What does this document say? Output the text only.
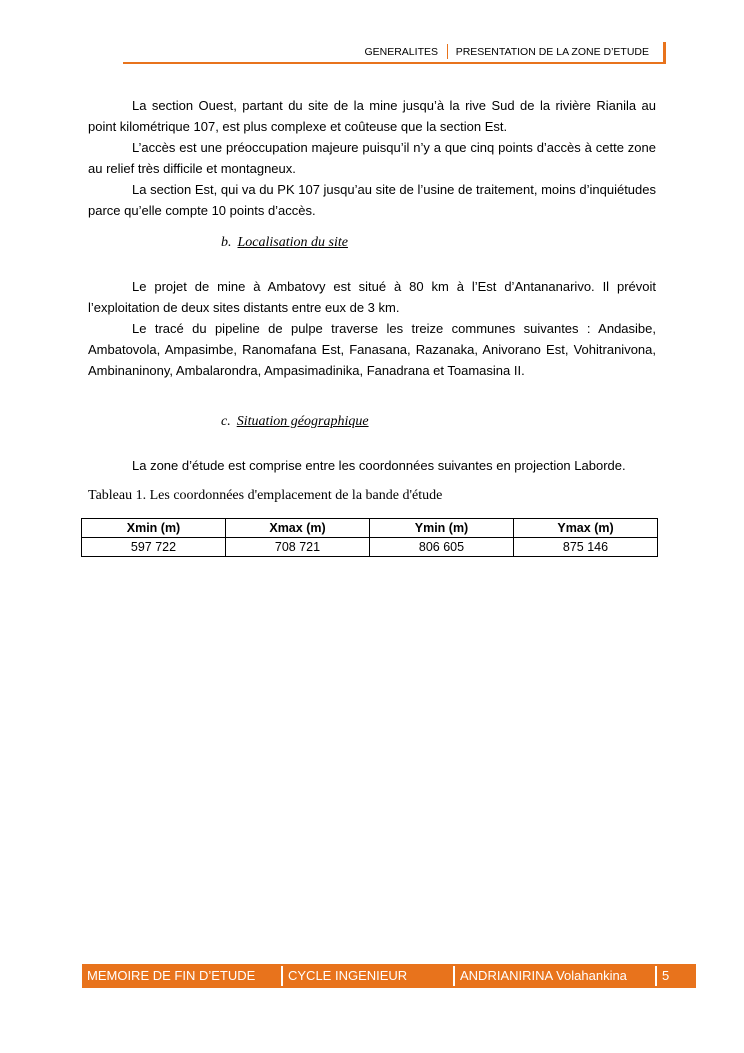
GENERALITES PRESENTATION DE LA ZONE D’ETUDE

La section Ouest, partant du site de la mine jusqu’à la rive Sud de la rivière Rianila au point kilométrique 107, est plus complexe et coûteuse que la section Est.

L’accès est une préoccupation majeure puisqu’il n’y a que cinq points d’accès à cette zone au relief très difficile et montagneux.

La section Est, qui va du PK 107 jusqu’au site de l’usine de traitement, moins d’inquiétudes parce qu’elle compte 10 points d’accès.

b. Localisation du site

Le projet de mine à Ambatovy est situé à 80 km à l’Est d’Antananarivo. Il prévoit l’exploitation de deux sites distants entre eux de 3 km.

Le tracé du pipeline de pulpe traverse les treize communes suivantes : Andasibe, Ambatovola, Ampasimbe, Ranomafana Est, Fanasana, Razanaka, Anivorano Est, Vohitranivona, Ambinaninony, Ambalarondra, Ampasimadinika, Fanadrana et Toamasina II.

c. Situation géographique

La zone d’étude est comprise entre les coordonnées suivantes en projection Laborde.

Tableau 1. Les coordonnées d'emplacement de la bande d'étude
Xmin (m)	Xmax (m)	Ymin (m)	Ymax (m)
597 722	708 721	806 605	875 146
MEMOIRE DE FIN D’ETUDE	CYCLE INGENIEUR	ANDRIANIRINA Volahankina	5
